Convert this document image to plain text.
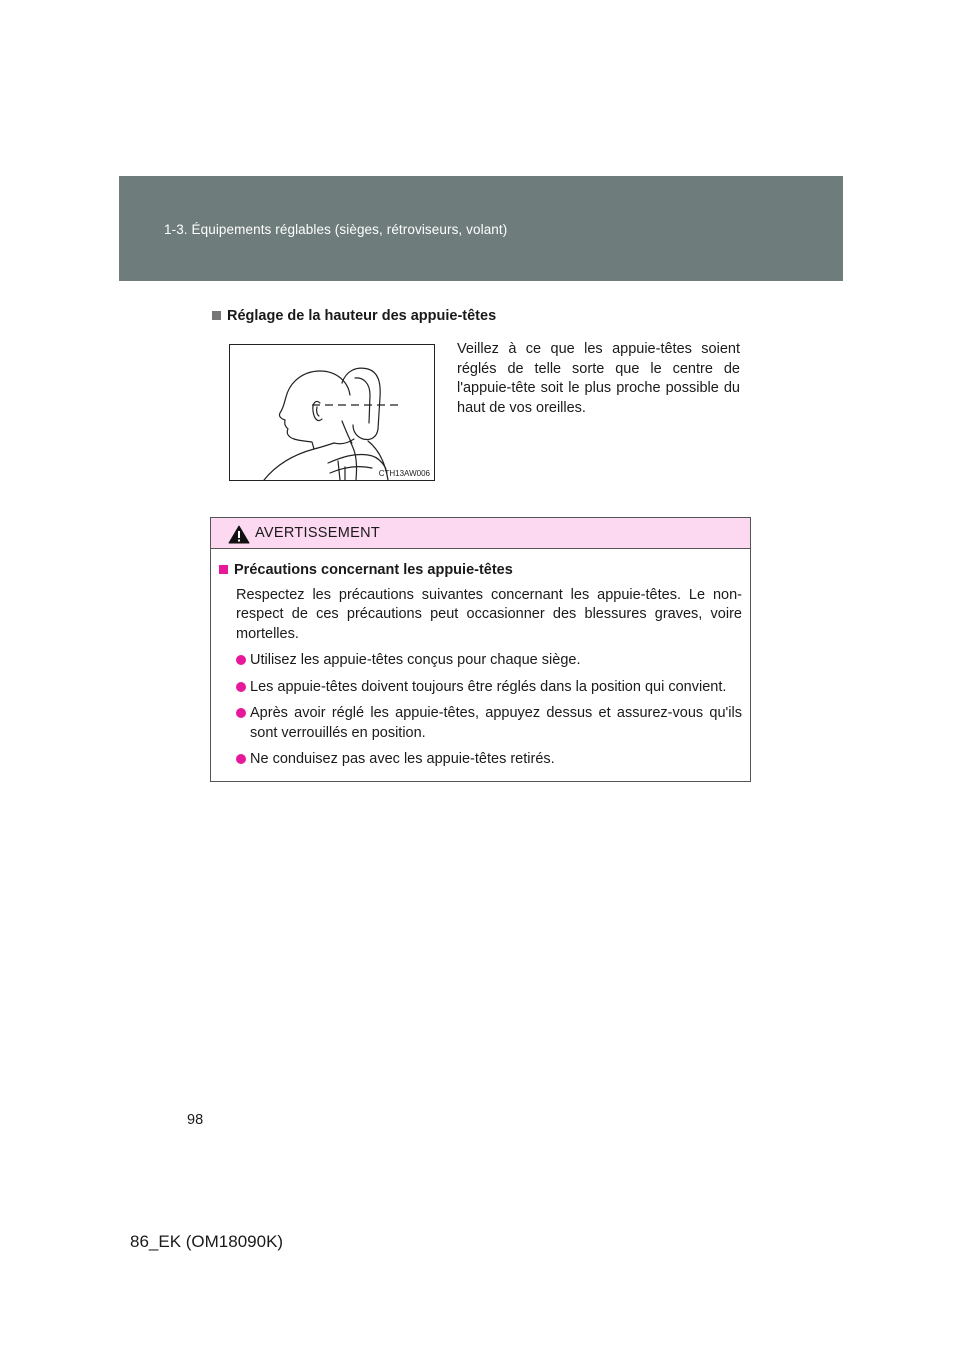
1-3. Équipements réglables (sièges, rétroviseurs, volant)
Réglage de la hauteur des appuie-têtes
CTH13AW006
Veillez à ce que les appuie-têtes soient réglés de telle sorte que le centre de l'appuie-tête soit le plus proche possible du haut de vos oreilles.
AVERTISSEMENT
Précautions concernant les appuie-têtes
Respectez les précautions suivantes concernant les appuie-têtes. Le non-respect de ces précautions peut occasionner des blessures graves, voire mortelles.
Utilisez les appuie-têtes conçus pour chaque siège.
Les appuie-têtes doivent toujours être réglés dans la position qui convient.
Après avoir réglé les appuie-têtes, appuyez dessus et assurez-vous qu'ils sont verrouillés en position.
Ne conduisez pas avec les appuie-têtes retirés.
98
86_EK (OM18090K)
